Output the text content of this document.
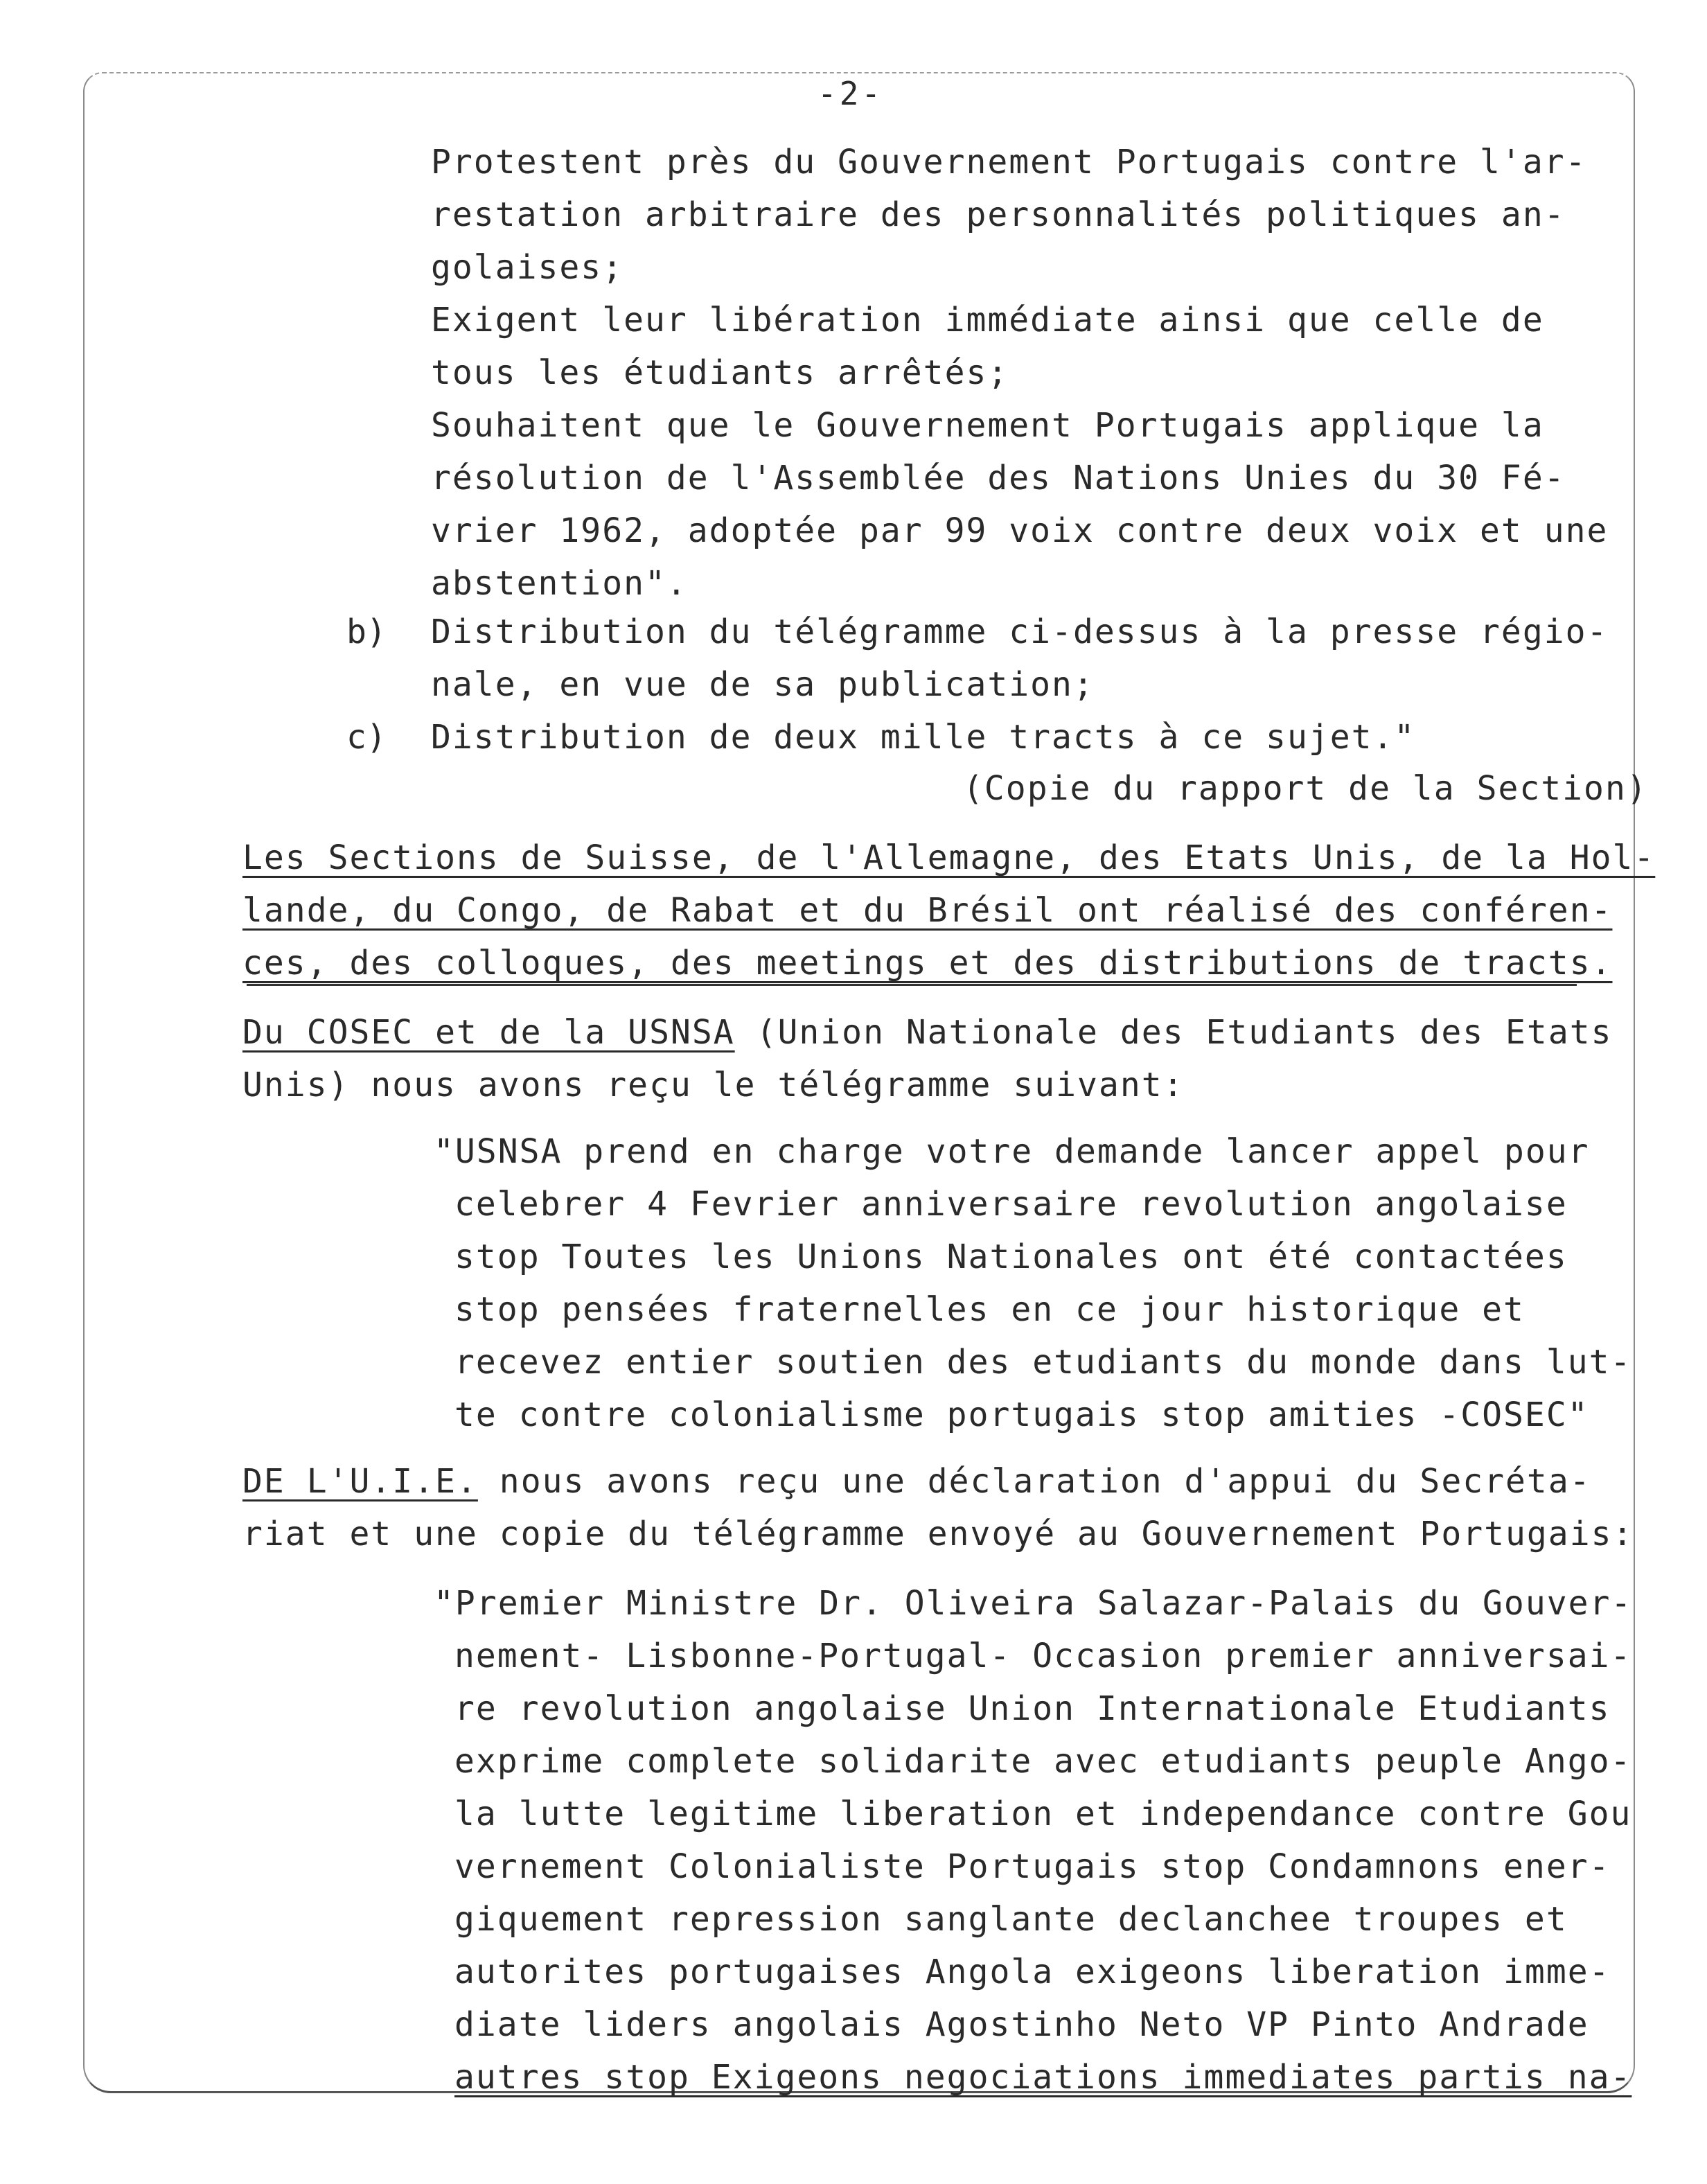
-2-
Protestent près du Gouvernement Portugais contre l'ar-
restation arbitraire des personnalités politiques an-
golaises;
Exigent leur libération immédiate ainsi que celle de
tous les étudiants arrêtés;
Souhaitent que le Gouvernement Portugais applique la
résolution de l'Assemblée des Nations Unies du 30 Fé-
vrier 1962, adoptée par 99 voix contre deux voix et une
abstention".
b) Distribution du télégramme ci-dessus à la presse régio-
nale, en vue de sa publication;
c) Distribution de deux mille tracts à ce sujet."
(Copie du rapport de la Section)
Les Sections de Suisse, de l'Allemagne, des Etats Unis, de la Hol-
lande, du Congo, de Rabat et du Brésil ont réalisé des conféren-
ces, des colloques, des meetings et des distributions de tracts.
Du COSEC et de la USNSA (Union Nationale des Etudiants des Etats
Unis) nous avons reçu le télégramme suivant:
"USNSA prend en charge votre demande lancer appel pour
celebrer 4 Fevrier anniversaire revolution angolaise
stop Toutes les Unions Nationales ont été contactées
stop pensées fraternelles en ce jour historique et
recevez entier soutien des etudiants du monde dans lut-
te contre colonialisme portugais stop amities -COSEC"
DE L'U.I.E. nous avons reçu une déclaration d'appui du Secréta-
riat et une copie du télégramme envoyé au Gouvernement Portugais:
"Premier Ministre Dr. Oliveira Salazar-Palais du Gouver-
nement- Lisbonne-Portugal- Occasion premier anniversai-
re revolution angolaise Union Internationale Etudiants
exprime complete solidarite avec etudiants peuple Ango-
la lutte legitime liberation et independance contre Gou
vernement Colonialiste Portugais stop Condamnons ener-
giquement repression sanglante declanchee troupes et
autorites portugaises Angola exigeons liberation imme-
diate liders angolais Agostinho Neto VP Pinto Andrade
autres stop Exigeons negociations immediates partis na-
